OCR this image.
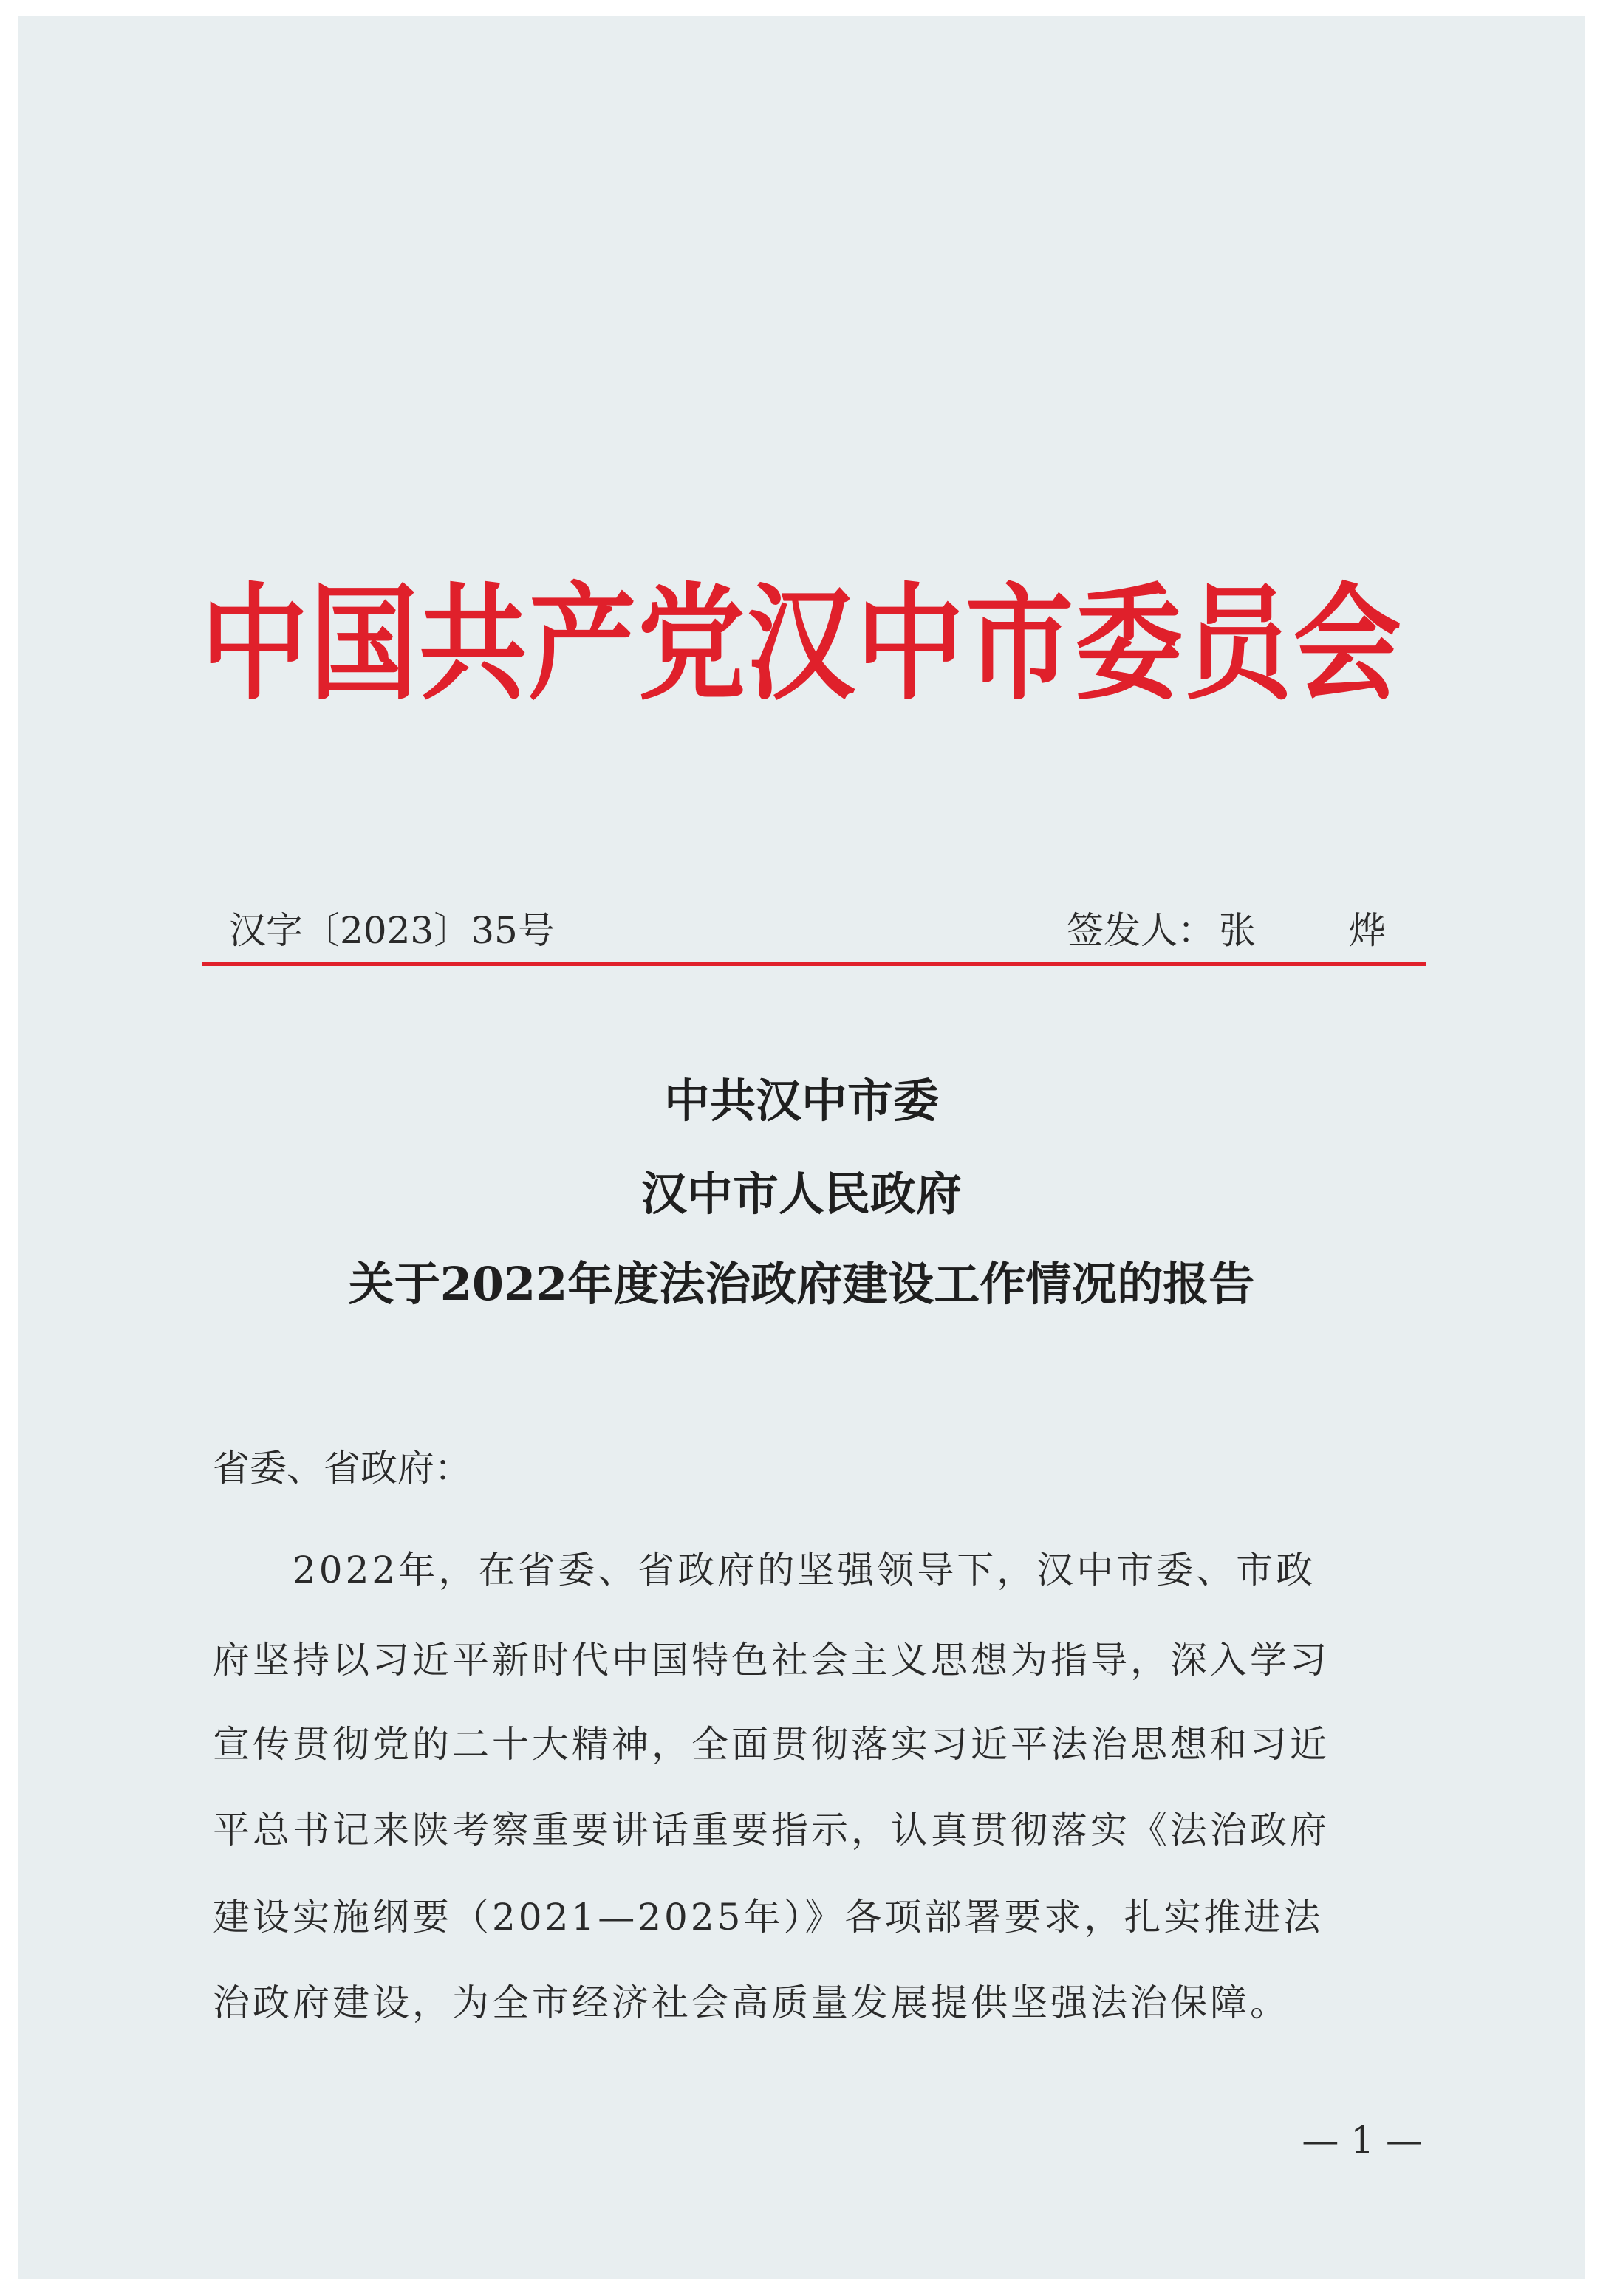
中国共产党汉中市委员会
汉字〔2023〕35号	签发人： 张　烨
中共汉中市委
汉中市人民政府
关于2022年度法治政府建设工作情况的报告
省委、省政府：
2022年，在省委、省政府的坚强领导下，汉中市委、市政
府坚持以习近平新时代中国特色社会主义思想为指导，深入学习
宣传贯彻党的二十大精神，全面贯彻落实习近平法治思想和习近
平总书记来陕考察重要讲话重要指示，认真贯彻落实《法治政府
建设实施纲要（2021—2025年）》各项部署要求，扎实推进法
治政府建设，为全市经济社会高质量发展提供坚强法治保障。
— 1 —
